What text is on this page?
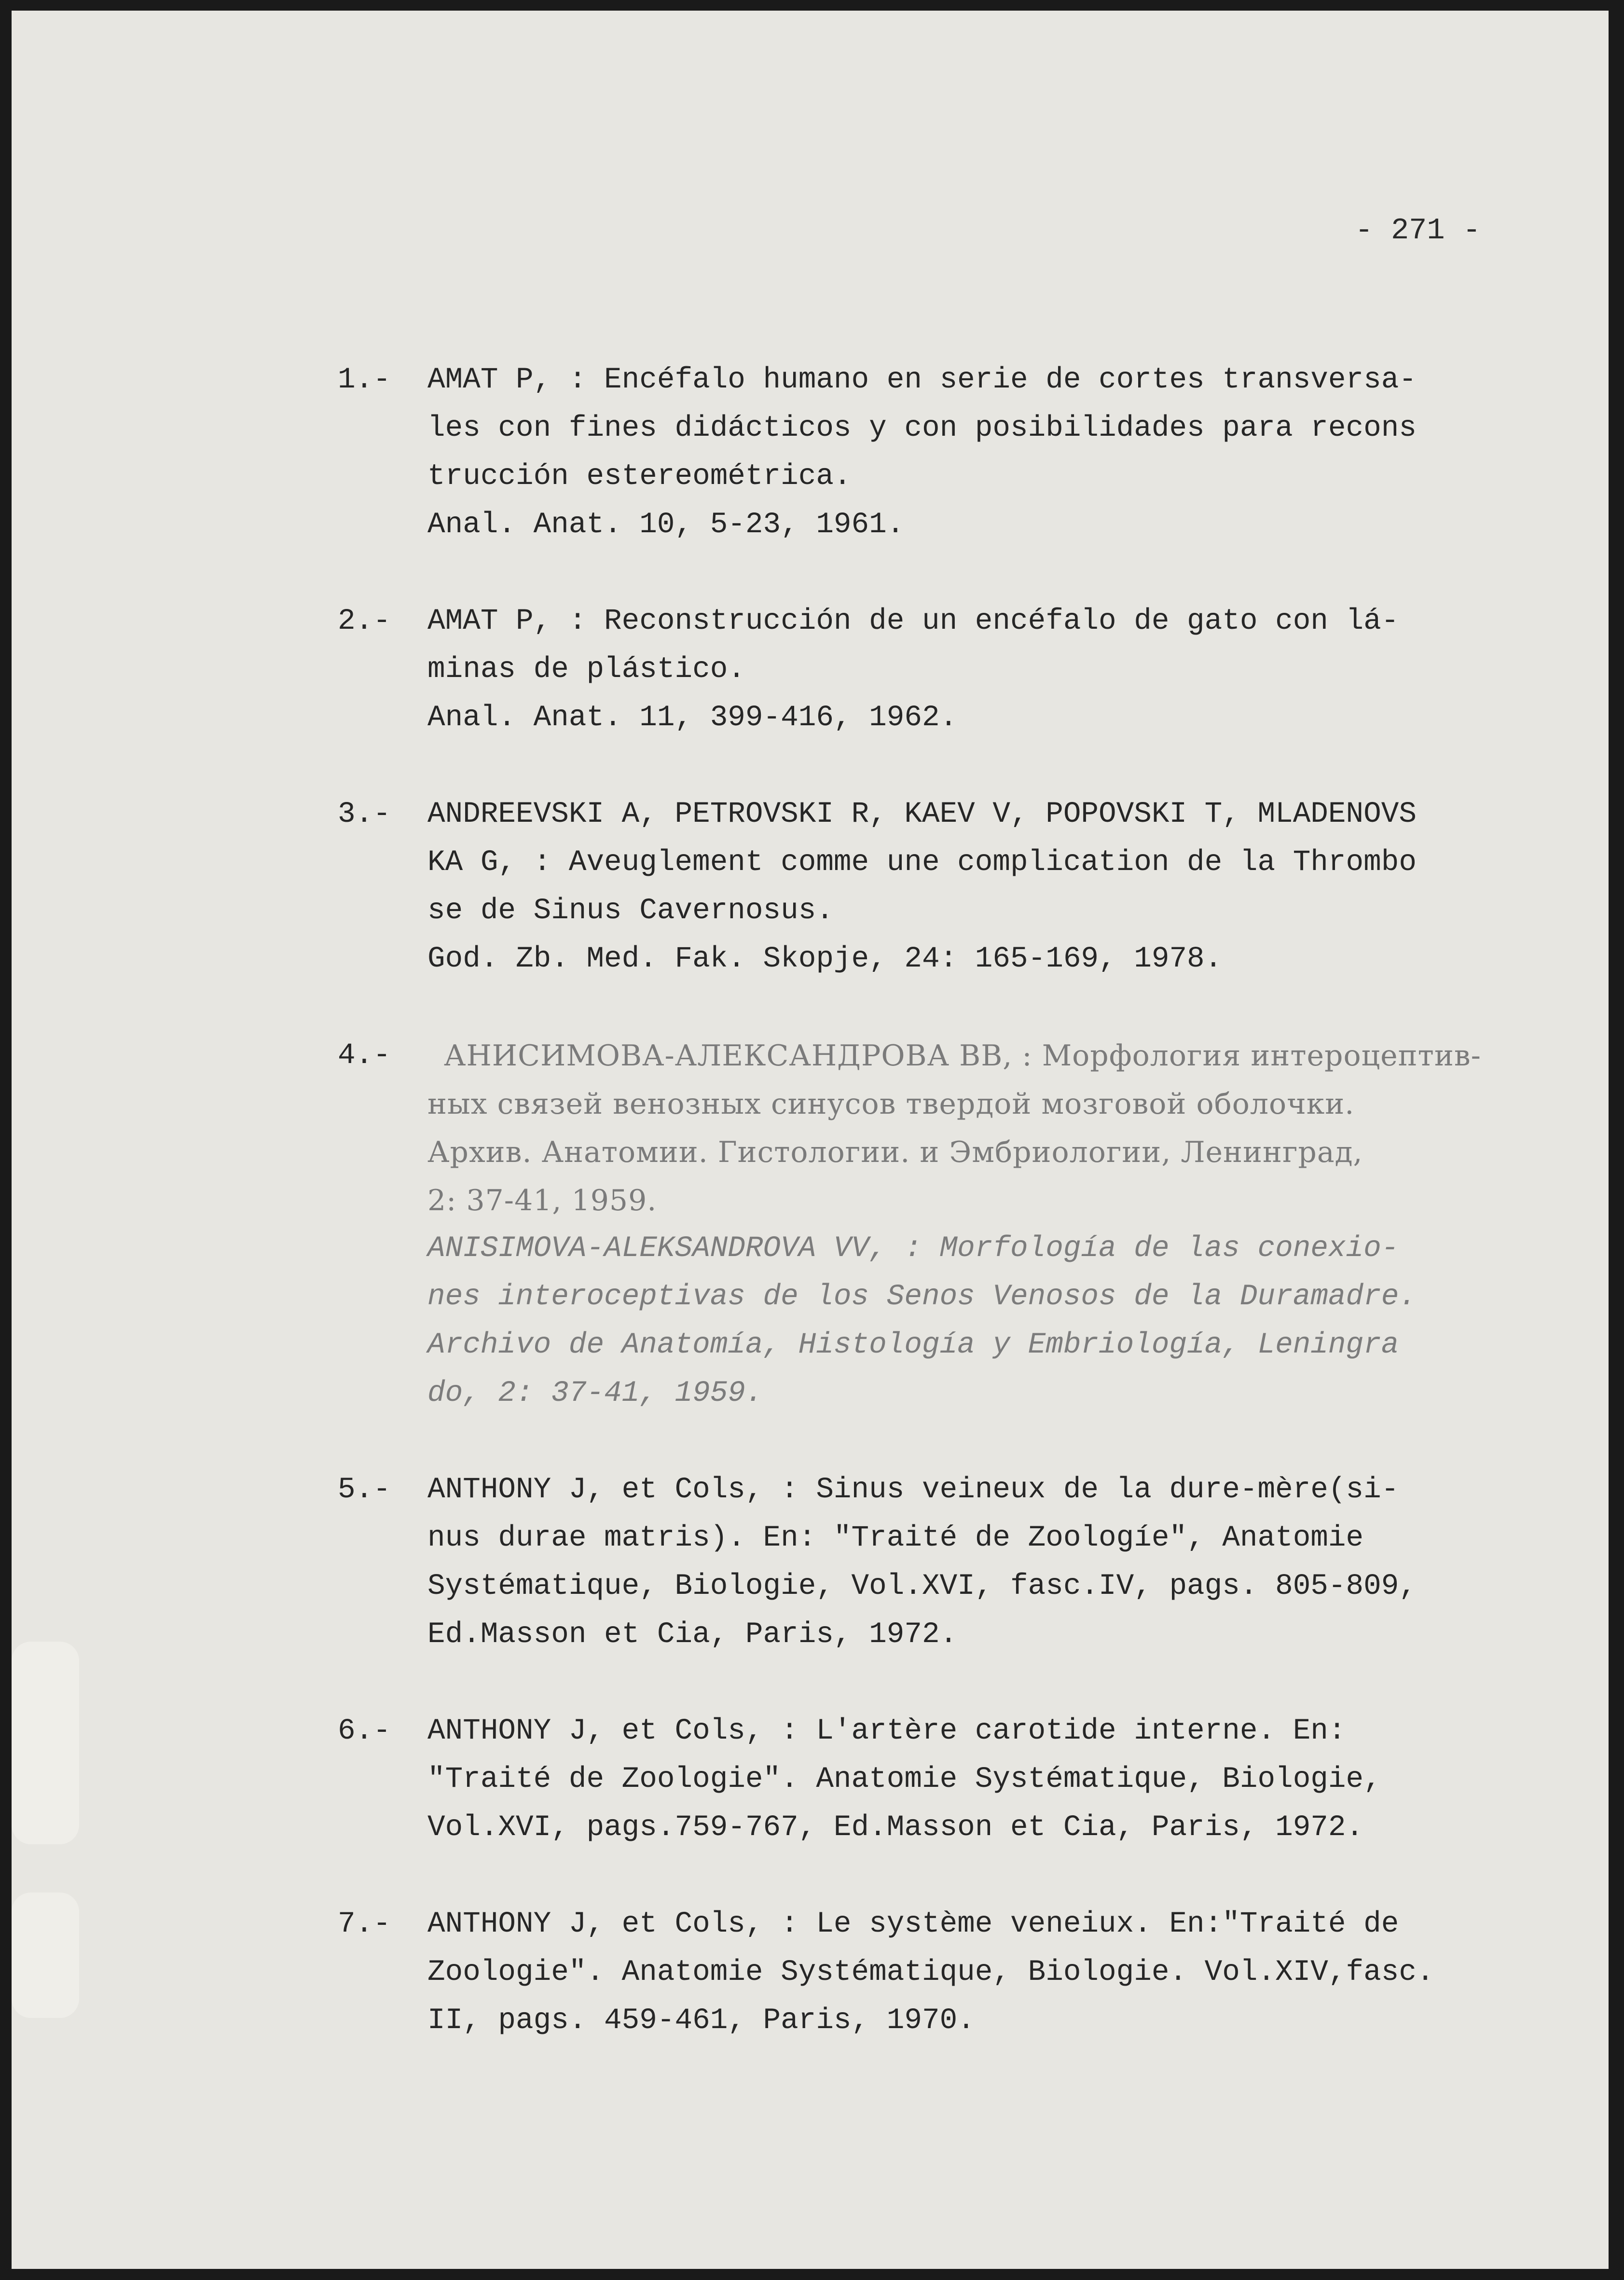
- 271 -
1.- AMAT P, : Encéfalo humano en serie de cortes transversa-
les con fines didácticos y con posibilidades para recons
trucción estereométrica.
Anal. Anat. 10, 5-23, 1961.
2.- AMAT P, : Reconstrucción de un encéfalo de gato con lá-
minas de plástico.
Anal. Anat. 11, 399-416, 1962.
3.- ANDREEVSKI A, PETROVSKI R, KAEV V, POPOVSKI T, MLADENOVS
KA G, : Aveuglement comme une complication de la Thrombo
se de Sinus Cavernosus.
God. Zb. Med. Fak. Skopje, 24: 165-169, 1978.
4.-	АНИСИМОВА-АЛЕКСАНДРОВА ВВ, : Морфология интероцептив-
ных связей венозных синусов твердой мозговой оболочки.
Архив. Анатомии. Гистологии. и Эмбриологии, Ленинград,
2: 37-41, 1959.
ANISIMOVA-ALEKSANDROVA VV, : Morfología de las conexio-
nes interoceptivas de los Senos Venosos de la Duramadre.
Archivo de Anatomía, Histología y Embriología, Leningra
do, 2: 37-41, 1959.
5.- ANTHONY J, et Cols, : Sinus veineux de la dure-mère(si-
nus durae matris). En: "Traité de Zoologíe", Anatomie
Systématique, Biologie, Vol.XVI, fasc.IV, pags. 805-809,
Ed.Masson et Cia, Paris, 1972.
6.- ANTHONY J, et Cols, : L'artère carotide interne. En:
"Traité de Zoologie". Anatomie Systématique, Biologie,
Vol.XVI, pags.759-767, Ed.Masson et Cia, Paris, 1972.
7.- ANTHONY J, et Cols, : Le système veneiux. En:"Traité de
Zoologie". Anatomie Systématique, Biologie. Vol.XIV,fasc.
II, pags. 459-461, Paris, 1970.
